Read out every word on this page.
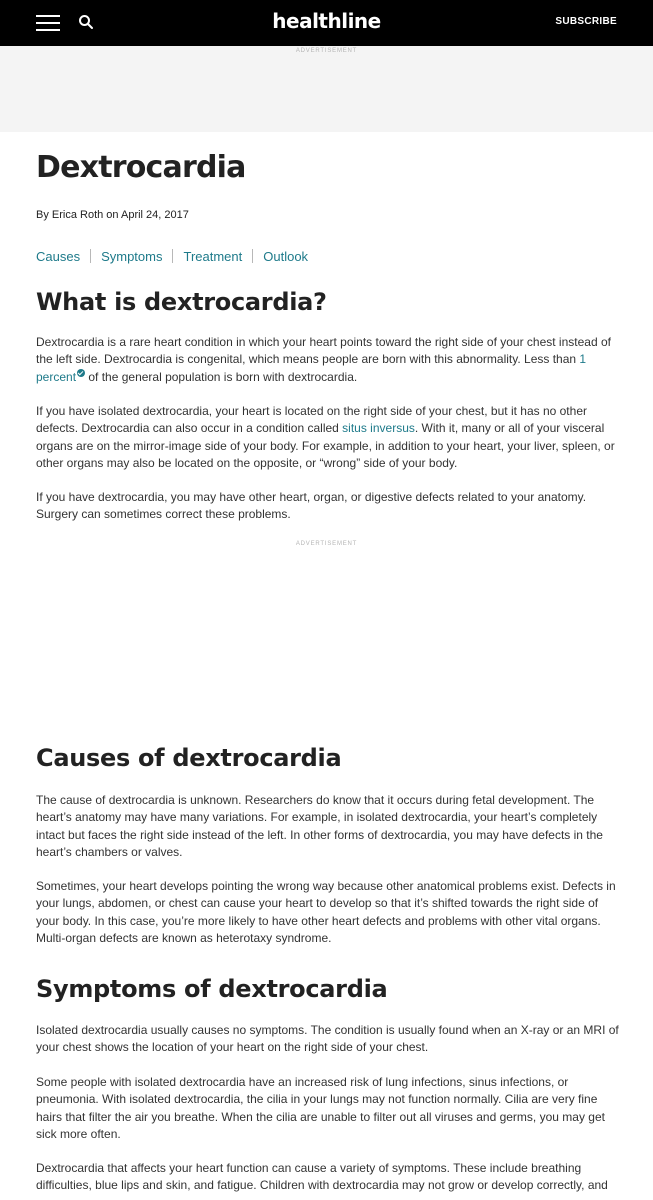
healthline	SUBSCRIBE
ADVERTISEMENT
Dextrocardia
By Erica Roth on April 24, 2017
Causes Symptoms Treatment Outlook
What is dextrocardia?

Dextrocardia is a rare heart condition in which your heart points toward the right side of your chest instead of the left side. Dextrocardia is congenital, which means people are born with this abnormality. Less than 1 percent of the general population is born with dextrocardia.

If you have isolated dextrocardia, your heart is located on the right side of your chest, but it has no other defects. Dextrocardia can also occur in a condition called situs inversus. With it, many or all of your visceral organs are on the mirror-image side of your body. For example, in addition to your heart, your liver, spleen, or other organs may also be located on the opposite, or “wrong” side of your body.

If you have dextrocardia, you may have other heart, organ, or digestive defects related to your anatomy. Surgery can sometimes correct these problems.

ADVERTISEMENT
Causes of dextrocardia

The cause of dextrocardia is unknown. Researchers do know that it occurs during fetal development. The heart’s anatomy may have many variations. For example, in isolated dextrocardia, your heart’s completely intact but faces the right side instead of the left. In other forms of dextrocardia, you may have defects in the heart’s chambers or valves.

Sometimes, your heart develops pointing the wrong way because other anatomical problems exist. Defects in your lungs, abdomen, or chest can cause your heart to develop so that it’s shifted towards the right side of your body. In this case, you’re more likely to have other heart defects and problems with other vital organs. Multi-organ defects are known as heterotaxy syndrome.

Symptoms of dextrocardia

Isolated dextrocardia usually causes no symptoms. The condition is usually found when an X-ray or an MRI of your chest shows the location of your heart on the right side of your chest.

Some people with isolated dextrocardia have an increased risk of lung infections, sinus infections, or pneumonia. With isolated dextrocardia, the cilia in your lungs may not function normally. Cilia are very fine hairs that filter the air you breathe. When the cilia are unable to filter out all viruses and germs, you may get sick more often.

Dextrocardia that affects your heart function can cause a variety of symptoms. These include breathing difficulties, blue lips and skin, and fatigue. Children with dextrocardia may not grow or develop correctly, and
